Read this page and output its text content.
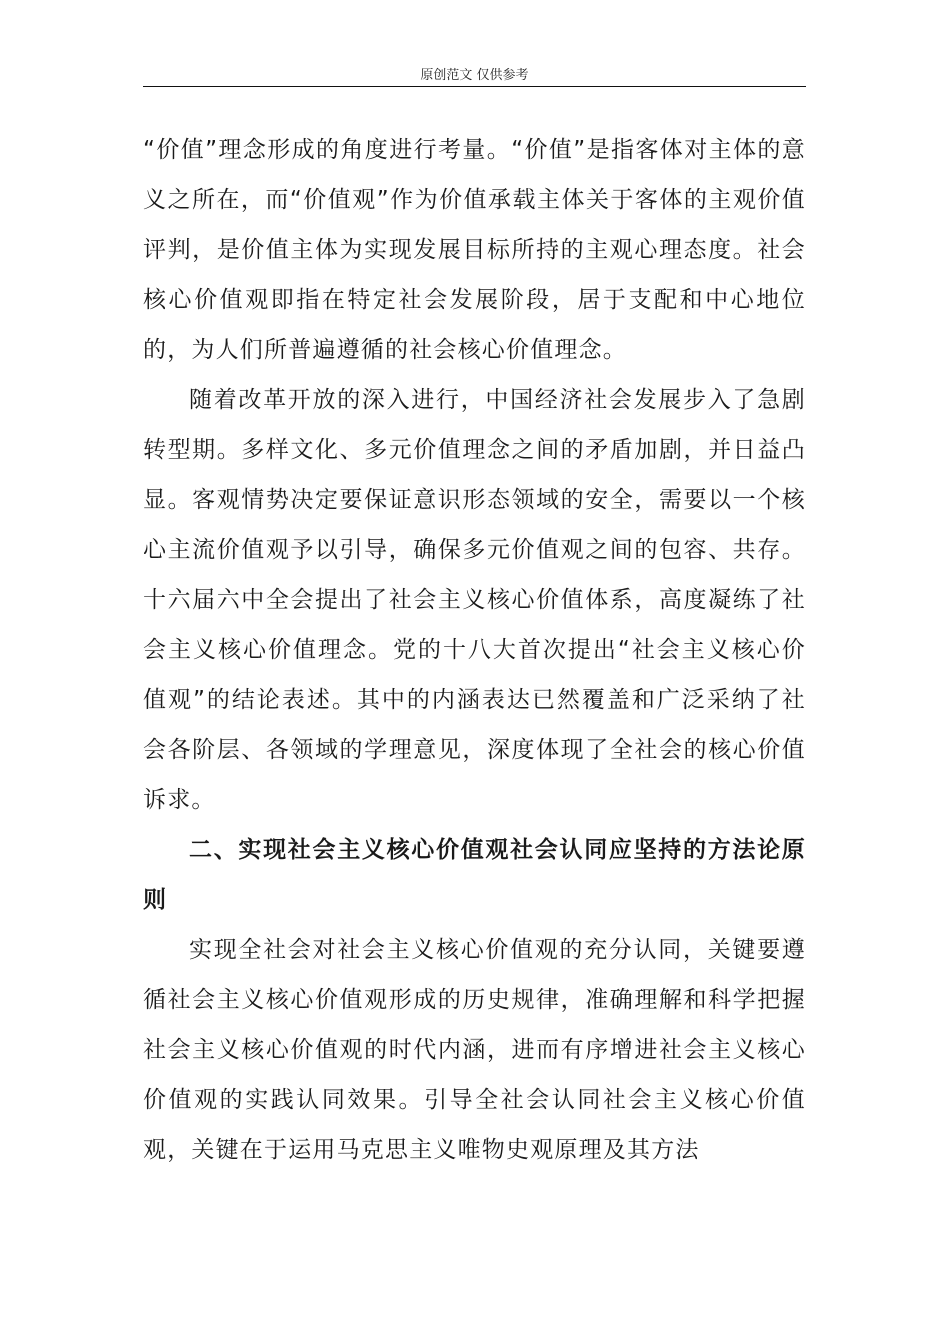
原创范文 仅供参考

“价值”理念形成的角度进行考量。“价值”是指客体对主体的意义之所在，而“价值观”作为价值承载主体关于客体的主观价值评判，是价值主体为实现发展目标所持的主观心理态度。社会核心价值观即指在特定社会发展阶段，居于支配和中心地位的，为人们所普遍遵循的社会核心价值理念。

随着改革开放的深入进行，中国经济社会发展步入了急剧转型期。多样文化、多元价值理念之间的矛盾加剧，并日益凸显。客观情势决定要保证意识形态领域的安全，需要以一个核心主流价值观予以引导，确保多元价值观之间的包容、共存。十六届六中全会提出了社会主义核心价值体系，高度凝练了社会主义核心价值理念。党的十八大首次提出“社会主义核心价值观”的结论表述。其中的内涵表达已然覆盖和广泛采纳了社会各阶层、各领域的学理意见，深度体现了全社会的核心价值诉求。

二、实现社会主义核心价值观社会认同应坚持的方法论原则

实现全社会对社会主义核心价值观的充分认同，关键要遵循社会主义核心价值观形成的历史规律，准确理解和科学把握社会主义核心价值观的时代内涵，进而有序增进社会主义核心价值观的实践认同效果。引导全社会认同社会主义核心价值观，关键在于运用马克思主义唯物史观原理及其方法
